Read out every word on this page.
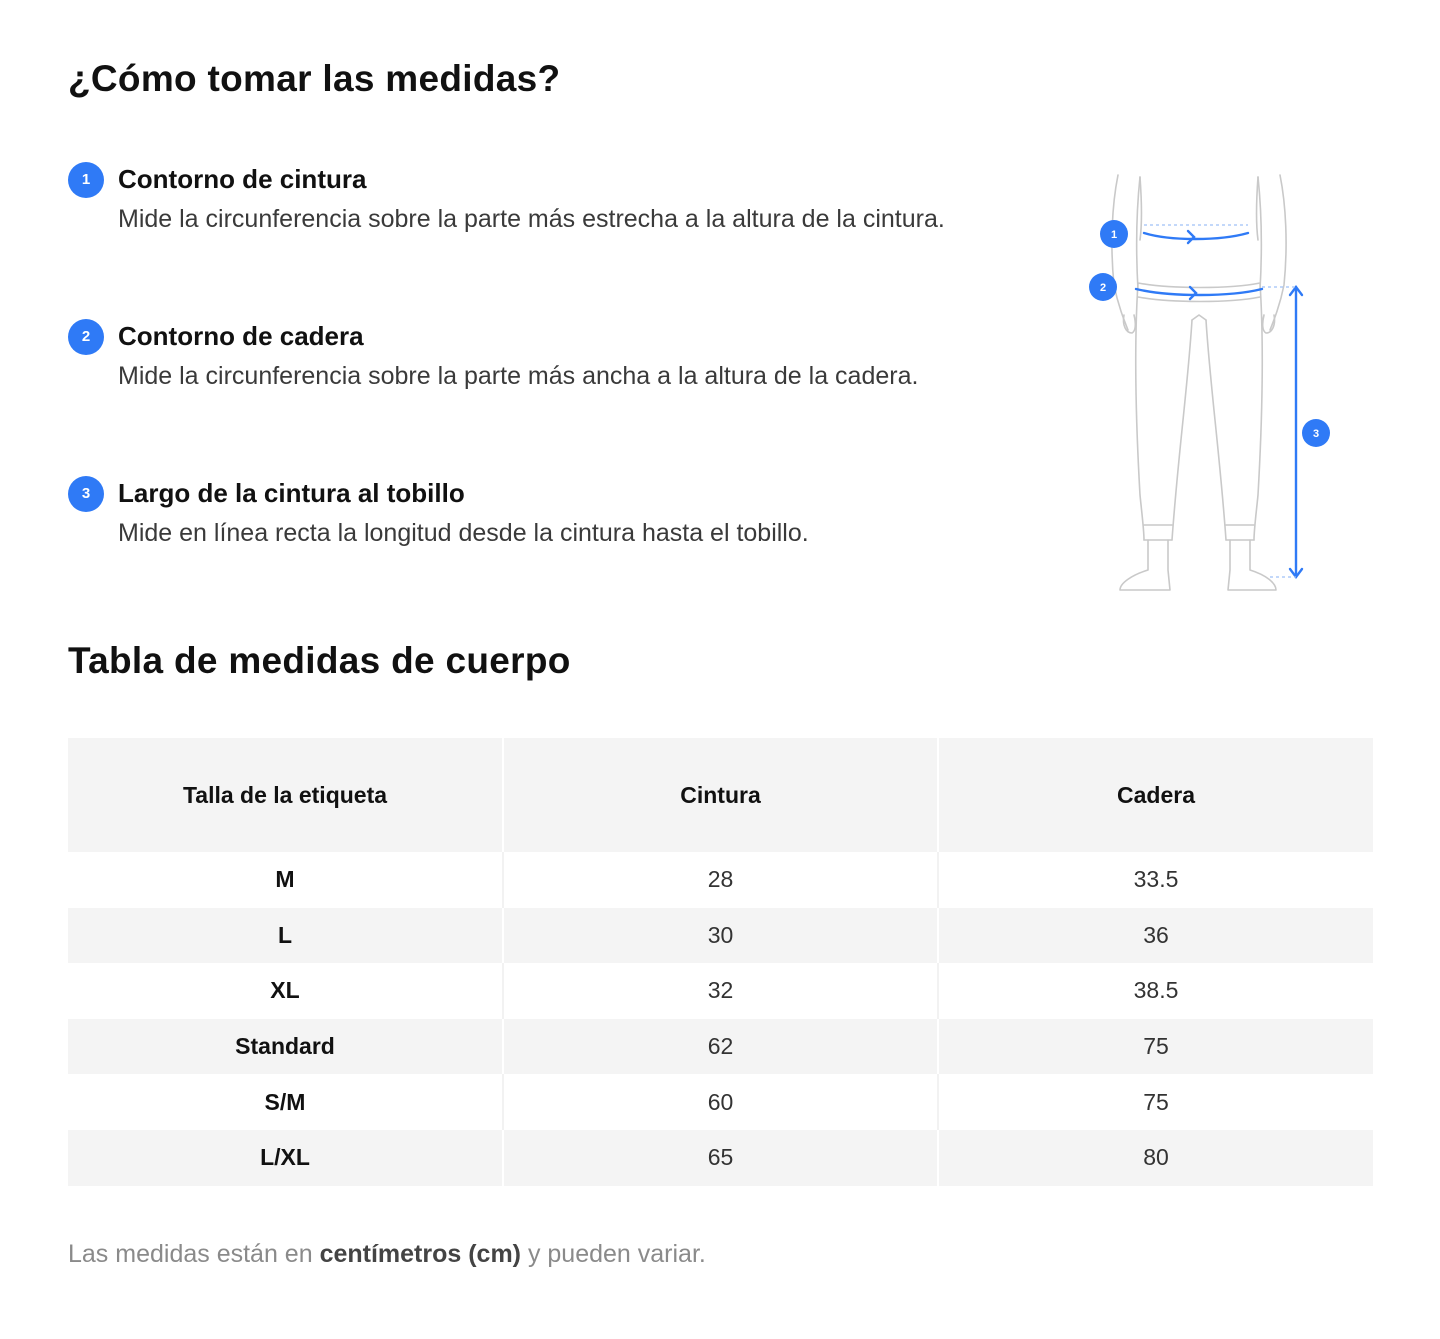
¿Cómo tomar las medidas?
1	Contorno de cintura
Mide la circunferencia sobre la parte más estrecha a la altura de la cintura.
2	Contorno de cadera
Mide la circunferencia sobre la parte más ancha a la altura de la cadera.
3	Largo de la cintura al tobillo
Mide en línea recta la longitud desde la cintura hasta el tobillo.
1
2
3
Tabla de medidas de cuerpo
Talla de la etiqueta	Cintura	Cadera
M	28	33.5
L	30	36
XL	32	38.5
Standard	62	75
S/M	60	75
L/XL	65	80

Las medidas están en centímetros (cm) y pueden variar.
